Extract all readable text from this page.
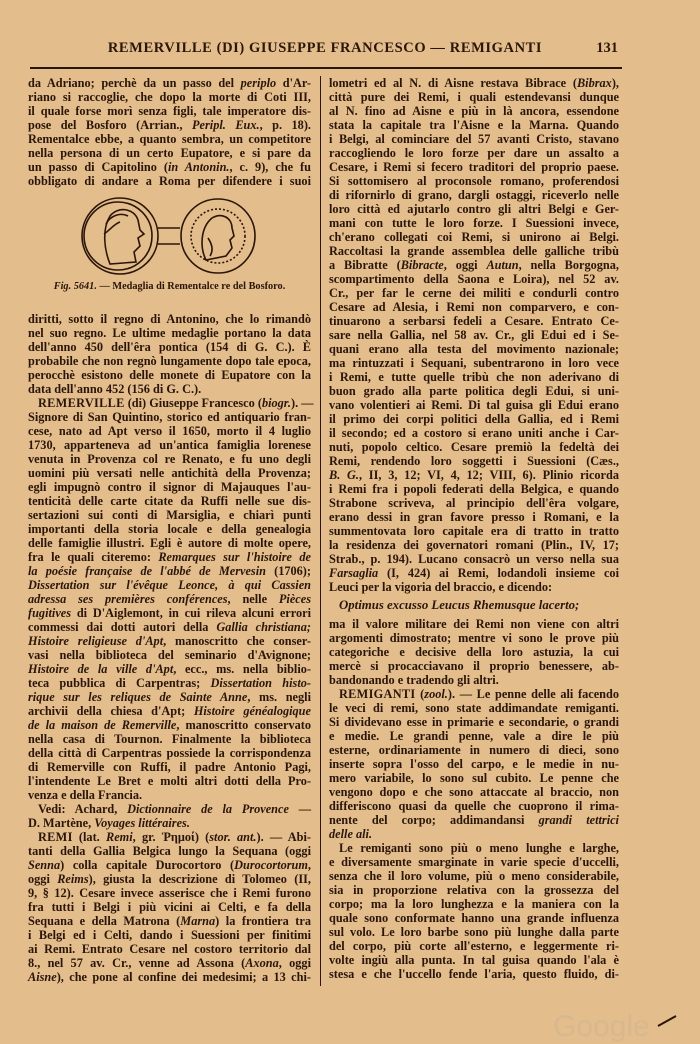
REMERVILLE (DI) GIUSEPPE FRANCESCO — REMIGANTI	131
da Adriano; perchè da un passo del periplo d'Ar-
riano si raccoglie, che dopo la morte di Coti III,
il quale forse morì senza figli, tale imperatore dis-
pose del Bosforo (Arrian., Peripl. Eux., p. 18).
Rementalce ebbe, a quanto sembra, un competitore
nella persona di un certo Eupatore, e si pare da
un passo di Capitolino (in Antonin., c. 9), che fu
obbligato di andare a Roma per difendere i suoi
Fig. 5641. — Medaglia di Rementalce re del Bosforo.
diritti, sotto il regno di Antonino, che lo rimandò
nel suo regno. Le ultime medaglie portano la data
dell'anno 450 dell'êra pontica (154 di G. C.). È
probabile che non regnò lungamente dopo tale epoca,
perocchè esistono delle monete di Eupatore con la
data dell'anno 452 (156 di G. C.).
REMERVILLE (di) Giuseppe Francesco (biogr.). —
Signore di San Quintino, storico ed antiquario fran-
cese, nato ad Apt verso il 1650, morto il 4 luglio
1730, apparteneva ad un'antica famiglia lorenese
venuta in Provenza col re Renato, e fu uno degli
uomini più versati nelle antichità della Provenza;
egli impugnò contro il signor di Majauques l'au-
tenticità delle carte citate da Ruffi nelle sue dis-
sertazioni sui conti di Marsiglia, e chiarì punti
importanti della storia locale e della genealogia
delle famiglie illustri. Egli è autore di molte opere,
fra le quali citeremo: Remarques sur l'histoire de
la poésie française de l'abbé de Mervesin (1706);
Dissertation sur l'évêque Leonce, à qui Cassien
adressa ses premières conférences, nelle Pièces
fugitives di D'Aiglemont, in cui rileva alcuni errori
commessi dai dotti autori della Gallia christiana;
Histoire religieuse d'Apt, manoscritto che conser-
vasi nella biblioteca del seminario d'Avignone;
Histoire de la ville d'Apt, ecc., ms. nella biblio-
teca pubblica di Carpentras; Dissertation histo-
rique sur les reliques de Sainte Anne, ms. negli
archivii della chiesa d'Apt; Histoire généalogique
de la maison de Remerville, manoscritto conservato
nella casa di Tournon. Finalmente la biblioteca
della città di Carpentras possiede la corrispondenza
di Remerville con Ruffi, il padre Antonio Pagi,
l'intendente Le Bret e molti altri dotti della Pro-
venza e della Francia.
Vedi: Achard, Dictionnaire de la Provence —
D. Martène, Voyages littéraires.
REMI (lat. Remi, gr. Ῥημοί) (stor. ant.). — Abi-
tanti della Gallia Belgica lungo la Sequana (oggi
Senna) colla capitale Durocortoro (Durocortorum,
oggi Reims), giusta la descrizione di Tolomeo (II,
9, § 12). Cesare invece asserisce che i Remi furono
fra tutti i Belgi i più vicini ai Celti, e fa della
Sequana e della Matrona (Marna) la frontiera tra
i Belgi ed i Celti, dando i Suessioni per finitimi
ai Remi. Entrato Cesare nel costoro territorio dal
8., nel 57 av. Cr., venne ad Assona (Axona, oggi
Aisne), che pone al confine dei medesimi; a 13 chi-
lometri ed al N. di Aisne restava Bibrace (Bibrax),
città pure dei Remi, i quali estendevansi dunque
al N. fino ad Aisne e più in là ancora, essendone
stata la capitale tra l'Aisne e la Marna. Quando
i Belgi, al cominciare del 57 avanti Cristo, stavano
raccogliendo le loro forze per dare un assalto a
Cesare, i Remi si fecero traditori del proprio paese.
Si sottomisero al proconsole romano, proferendosi
di rifornirlo di grano, dargli ostaggi, riceverlo nelle
loro città ed ajutarlo contro gli altri Belgi e Ger-
mani con tutte le loro forze. I Suessioni invece,
ch'erano collegati coi Remi, si unirono ai Belgi.
Raccoltasi la grande assemblea delle galliche tribù
a Bibratte (Bibracte, oggi Autun, nella Borgogna,
scompartimento della Saona e Loira), nel 52 av.
Cr., per far le cerne dei militi e condurli contro
Cesare ad Alesia, i Remi non comparvero, e con-
tinuarono a serbarsi fedeli a Cesare. Entrato Ce-
sare nella Gallia, nel 58 av. Cr., gli Edui ed i Se-
quani erano alla testa del movimento nazionale;
ma rintuzzati i Sequani, subentrarono in loro vece
i Remi, e tutte quelle tribù che non aderivano di
buon grado alla parte politica degli Edui, si uni-
vano volentieri ai Remi. Di tal guisa gli Edui erano
il primo dei corpi politici della Gallia, ed i Remi
il secondo; ed a costoro si erano uniti anche i Car-
nuti, popolo celtico. Cesare premiò la fedeltà dei
Remi, rendendo loro soggetti i Suessioni (Cæs.,
B. G., II, 3, 12; VI, 4, 12; VIII, 6). Plinio ricorda
i Remi fra i popoli federati della Belgica, e quando
Strabone scriveva, al principio dell'êra volgare,
erano dessi in gran favore presso i Romani, e la
summentovata loro capitale era di tratto in tratto
la residenza dei governatori romani (Plin., IV, 17;
Strab., p. 194). Lucano consacrò un verso nella sua
Farsaglia (I, 424) ai Remi, lodandoli insieme coi
Leuci per la vigoria del braccio, e dicendo:
Optimus excusso Leucus Rhemusque lacerto;
ma il valore militare dei Remi non viene con altri
argomenti dimostrato; mentre vi sono le prove più
categoriche e decisive della loro astuzia, la cui
mercè si procacciavano il proprio benessere, ab-
bandonando e tradendo gli altri.
REMIGANTI (zool.). — Le penne delle ali facendo
le veci di remi, sono state addimandate remiganti.
Si dividevano esse in primarie e secondarie, o grandi
e medie. Le grandi penne, vale a dire le più
esterne, ordinariamente in numero di dieci, sono
inserte sopra l'osso del carpo, e le medie in nu-
mero variabile, lo sono sul cubito. Le penne che
vengono dopo e che sono attaccate al braccio, non
differiscono quasi da quelle che cuoprono il rima-
nente del corpo; addimandansi grandi tettrici
delle ali.
Le remiganti sono più o meno lunghe e larghe,
e diversamente smarginate in varie specie d'uccelli,
senza che il loro volume, più o meno considerabile,
sia in proporzione relativa con la grossezza del
corpo; ma la loro lunghezza e la maniera con la
quale sono conformate hanno una grande influenza
sul volo. Le loro barbe sono più lunghe dalla parte
del corpo, più corte all'esterno, e leggermente ri-
volte ingiù alla punta. In tal guisa quando l'ala è
stesa e che l'uccello fende l'aria, questo fluido, di-
Google
